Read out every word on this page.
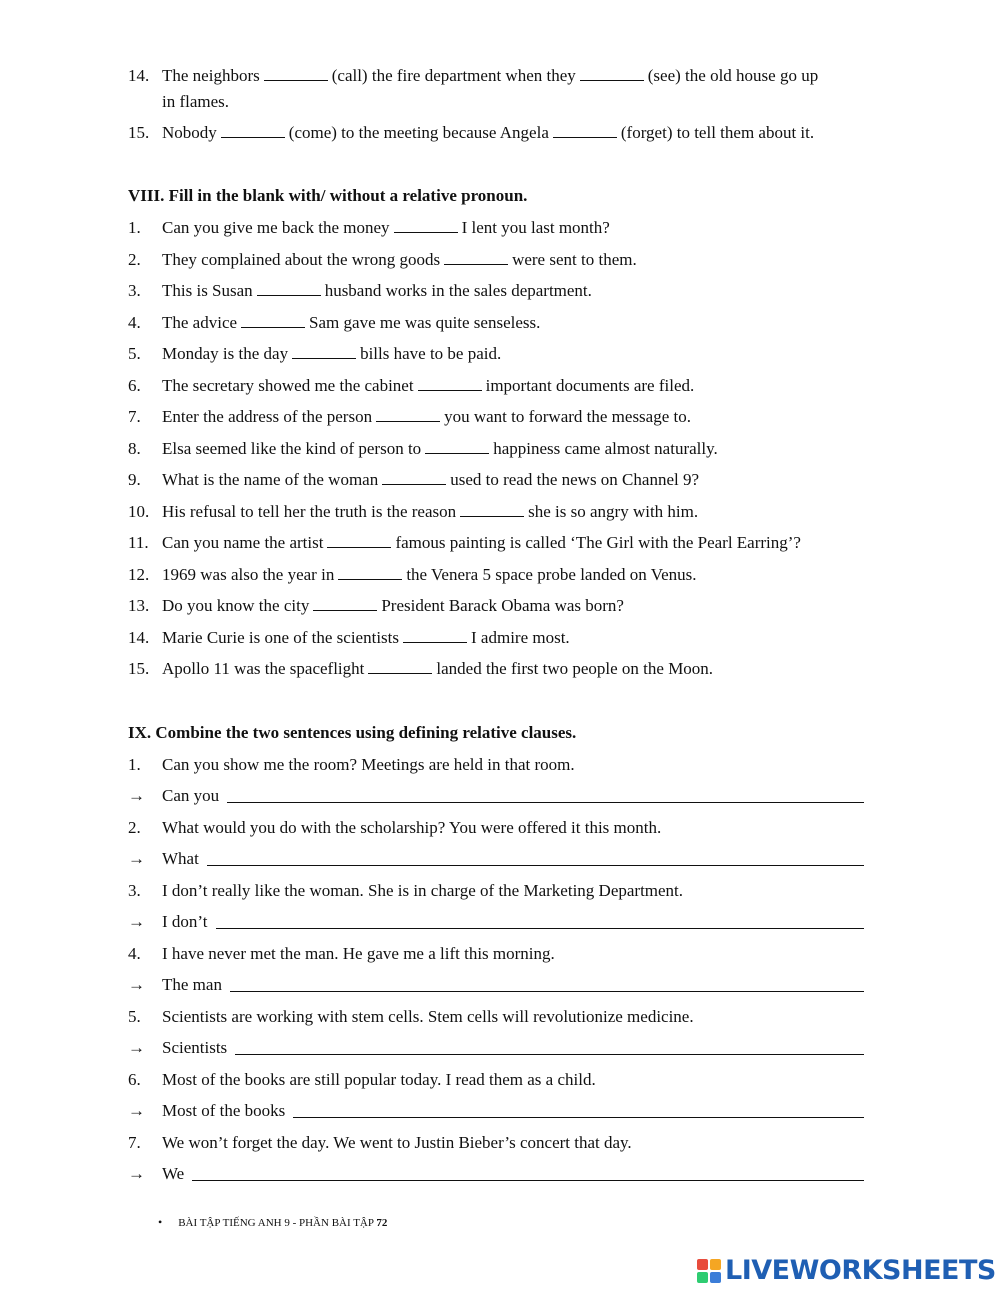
14. The neighbors	(call) the fire department when they	(see) the old house go up
in flames.
15. Nobody	(come) to the meeting because Angela	(forget) to tell them about it.
VIII. Fill in the blank with/ without a relative pronoun.
1. Can you give me back the money	I lent you last month?
2. They complained about the wrong goods	were sent to them.
3. This is Susan	husband works in the sales department.
4. The advice	Sam gave me was quite senseless.
5. Monday is the day	bills have to be paid.
6. The secretary showed me the cabinet	important documents are filed.
7. Enter the address of the person	you want to forward the message to.
8. Elsa seemed like the kind of person to	happiness came almost naturally.
9. What is the name of the woman	used to read the news on Channel 9?
10. His refusal to tell her the truth is the reason	she is so angry with him.
11. Can you name the artist	famous painting is called ‘The Girl with the Pearl Earring’?
12. 1969 was also the year in	the Venera 5 space probe landed on Venus.
13. Do you know the city	President Barack Obama was born?
14. Marie Curie is one of the scientists	I admire most.
15. Apollo 11 was the spaceflight	landed the first two people on the Moon.
IX. Combine the two sentences using defining relative clauses.
1. Can you show me the room? Meetings are held in that room.
→	Can you
2. What would you do with the scholarship? You were offered it this month.
→	What
3. I don’t really like the woman. She is in charge of the Marketing Department.
→	I don’t
4. I have never met the man. He gave me a lift this morning.
→	The man
5. Scientists are working with stem cells. Stem cells will revolutionize medicine.
→	Scientists
6. Most of the books are still popular today. I read them as a child.
→	Most of the books
7. We won’t forget the day. We went to Justin Bieber’s concert that day.
→	We
• BÀI TẬP TIẾNG ANH 9 - PHẦN BÀI TẬP 72
LIVEWORKSHEETS
